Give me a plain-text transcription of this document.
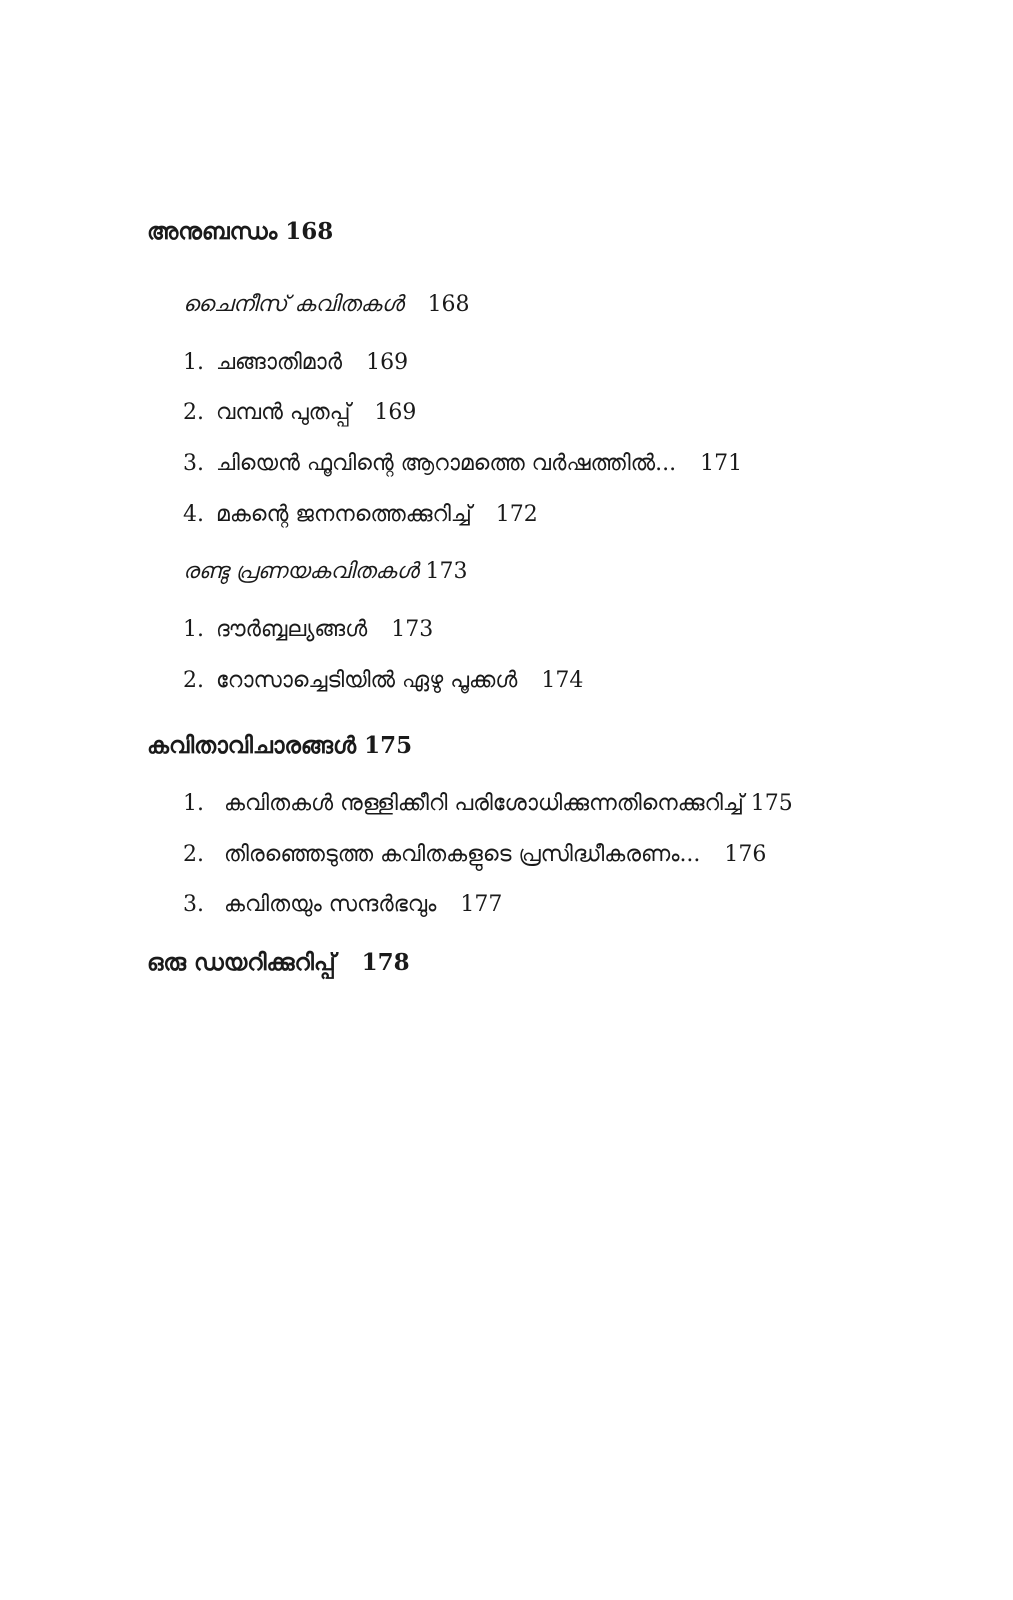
അനുബന്ധം 168
ചൈനീസ് കവിതകൾ 168
1. ചങ്ങാതിമാർ 169
2. വമ്പൻ പുതപ്പ് 169
3. ചിയെൻ ഫൂവിന്റെ ആറാമത്തെ വർഷത്തിൽ... 171
4. മകന്റെ ജനനത്തെക്കുറിച്ച് 172
രണ്ടു പ്രണയകവിതകൾ 173
1. ദൗർബ്ബല്യങ്ങൾ 173
2. റോസാച്ചെടിയിൽ ഏഴു പൂക്കൾ 174
കവിതാവിചാരങ്ങൾ 175
1. കവിതകൾ നുള്ളിക്കീറി പരിശോധിക്കുന്നതിനെക്കുറിച്ച് 175
2. തിരഞ്ഞെടുത്ത കവിതകളുടെ പ്രസിദ്ധീകരണം... 176
3. കവിതയും സന്ദർഭവും 177
ഒരു ഡയറിക്കുറിപ്പ് 178
